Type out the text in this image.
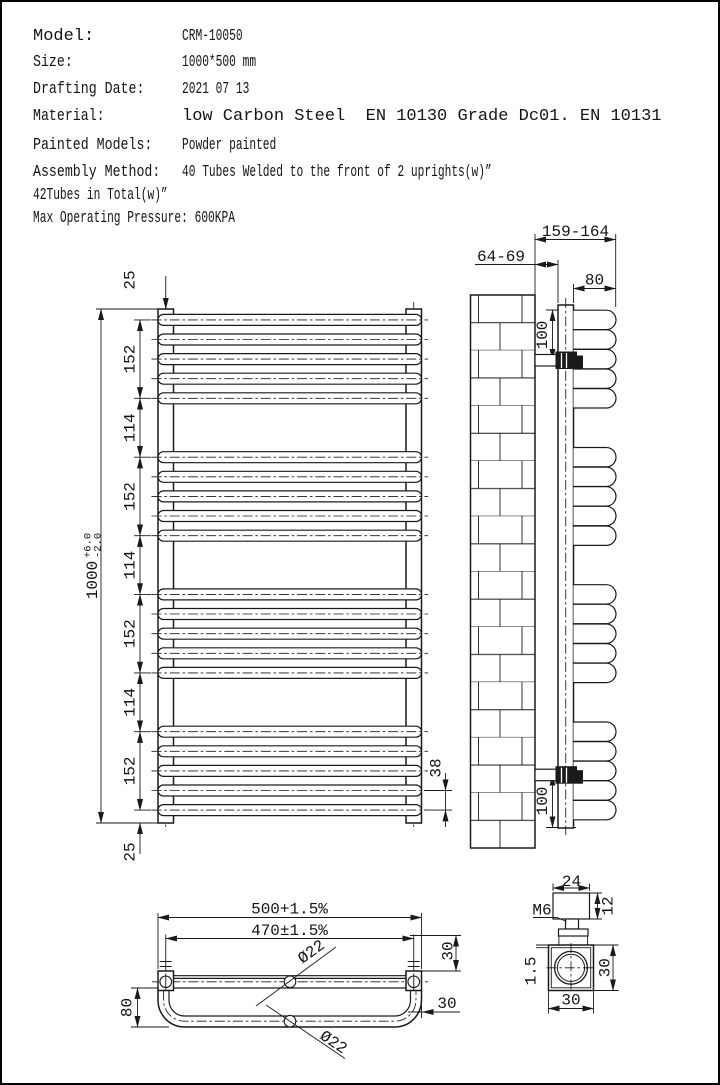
Model:

	CRM-10050

Size:

	1000*500 mm

Drafting Date:

	2021 07 13

Material:

	low Carbon Steel  EN 10130 Grade Dc01. EN 10131

Painted Models:

	Powder painted

Assembly Method:

	40 Tubes Welded to the front of 2 uprights(w)”

42Tubes in Total(w)”

Max Operating Pressure: 600KPA

1000
+6.0
-2.0
25
152
114
152
114
152
114
152
25
38
159-164
64-69
80
100
100
500+1.5%
470±1.5%
Ø22
Ø22
30
30
80
24
12
M6
1.5	30
30
